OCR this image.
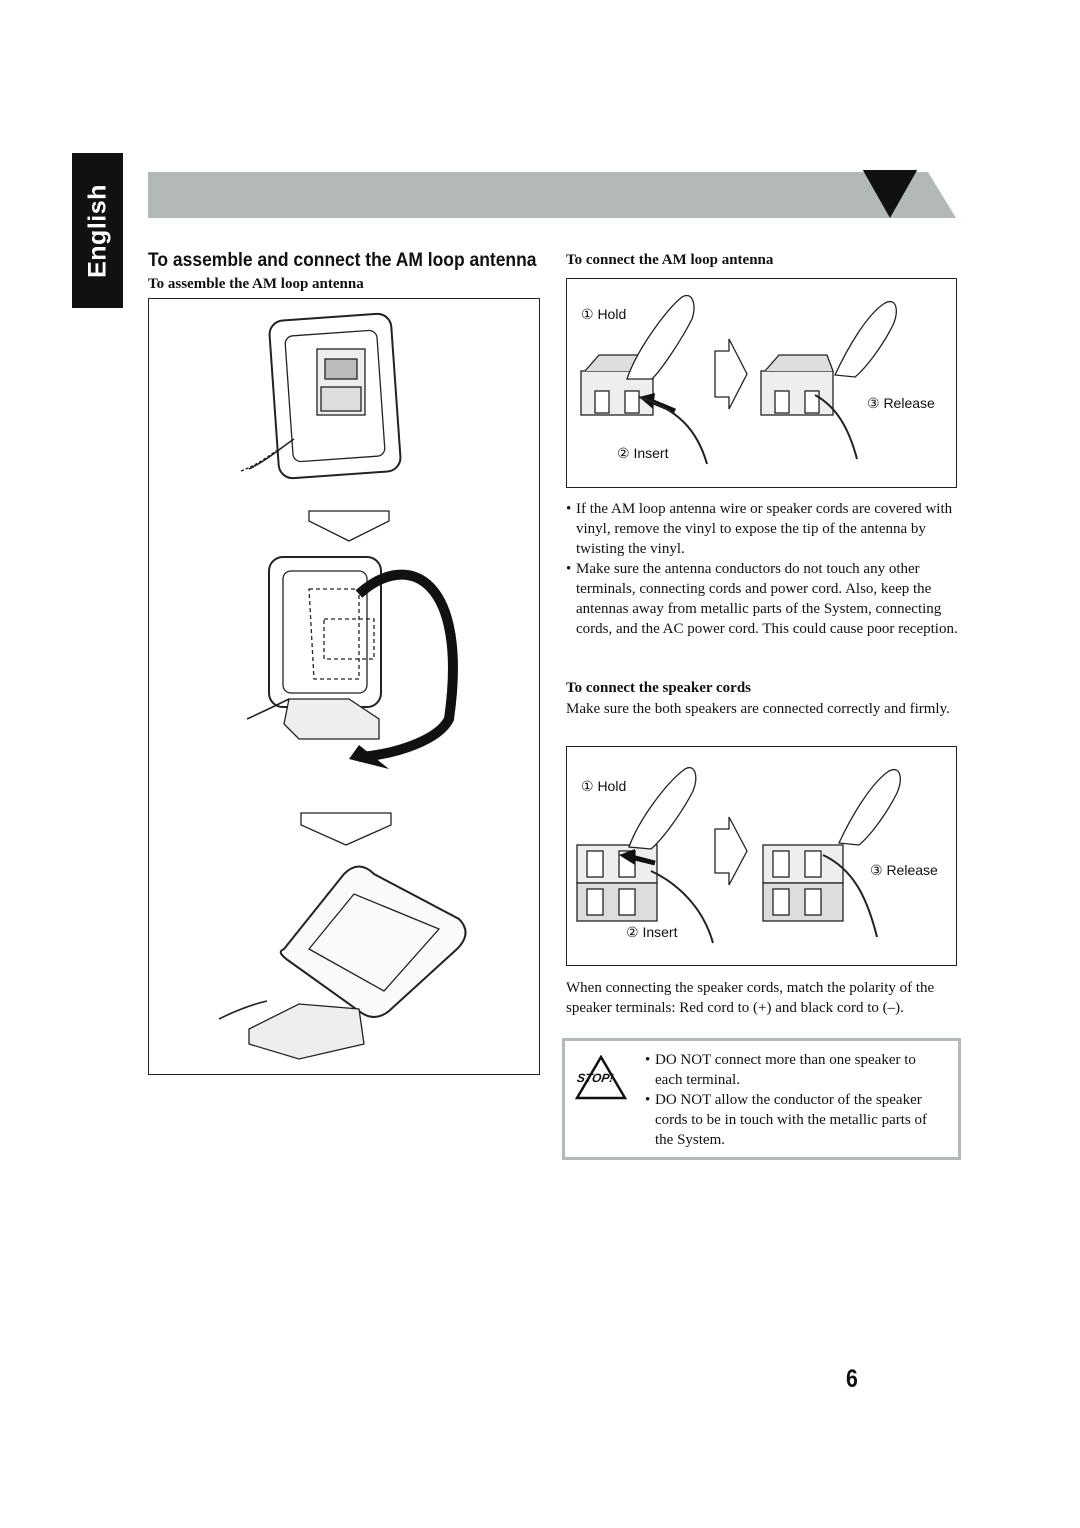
English To assemble and connect the AM loop antenna
To assemble the AM loop antenna
To connect the AM loop antenna
① Hold
③ Release
② Insert
• If the AM loop antenna wire or speaker cords are covered with vinyl, remove the vinyl to expose the tip of the antenna by twisting the vinyl.
• Make sure the antenna conductors do not touch any other terminals, connecting cords and power cord. Also, keep the antennas away from metallic parts of the System, connecting cords, and the AC power cord. This could cause poor reception.
To connect the speaker cords
Make sure the both speakers are connected correctly and firmly.
① Hold
③ Release
② Insert
When connecting the speaker cords, match the polarity of the speaker terminals: Red cord to (+) and black cord to (–).
STOP!
• DO NOT connect more than one speaker to each terminal.
• DO NOT allow the conductor of the speaker cords to be in touch with the metallic parts of the System.
6
